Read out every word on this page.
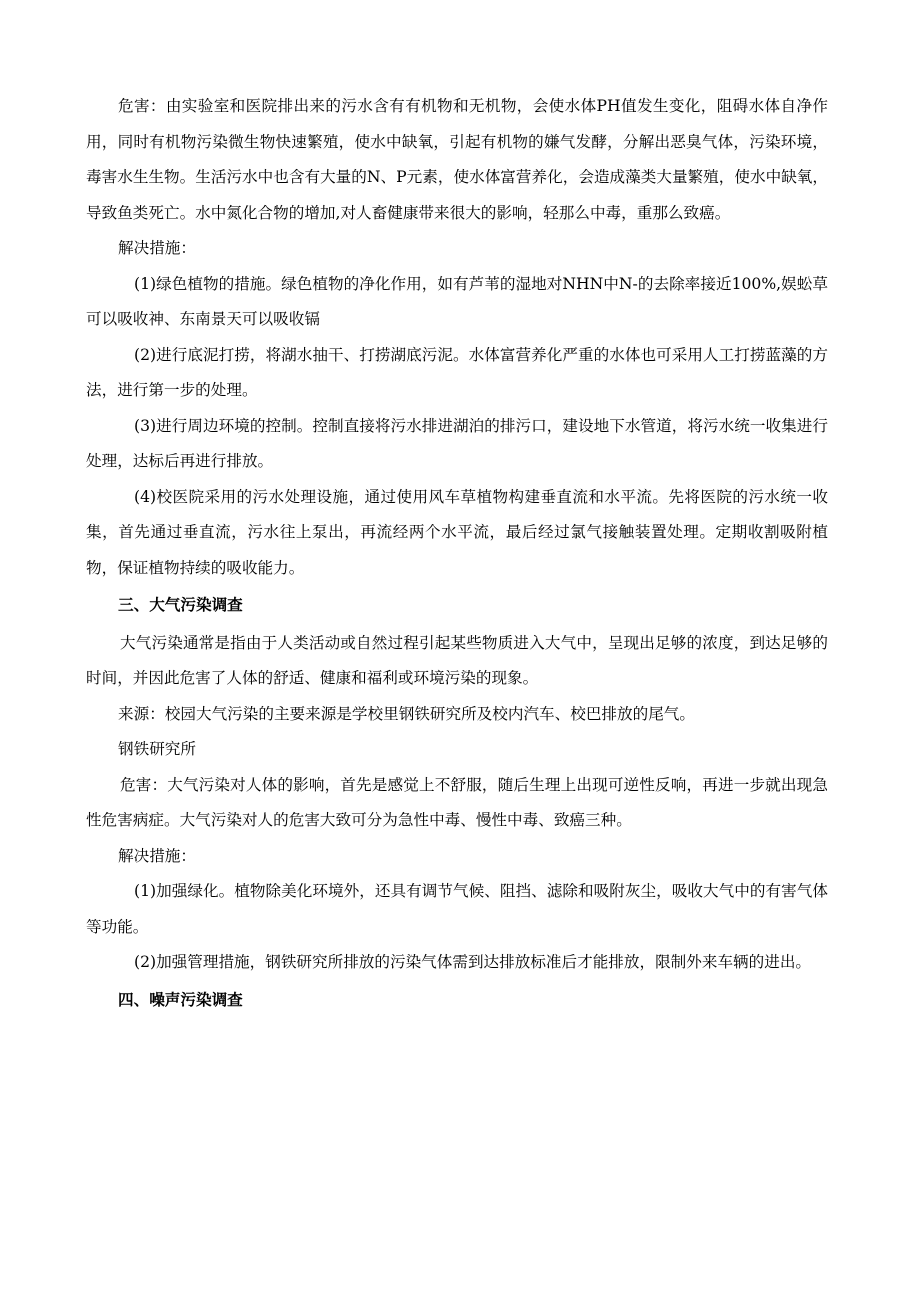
危害：由实验室和医院排出来的污水含有有机物和无机物，会使水体PH值发生变化，阻碍水体自净作用，同时有机物污染微生物快速繁殖，使水中缺氧，引起有机物的嫌气发酵，分解出恶臭气体，污染环境，毒害水生生物。生活污水中也含有大量的N、P元素，使水体富营养化，会造成藻类大量繁殖，使水中缺氧，导致鱼类死亡。水中氮化合物的增加,对人畜健康带来很大的影响，轻那么中毒，重那么致癌。

解决措施：

(1)绿色植物的措施。绿色植物的净化作用，如有芦苇的湿地对NHN中N-的去除率接近100%,娱蚣草可以吸收神、东南景天可以吸收镉

(2)进行底泥打捞，将湖水抽干、打捞湖底污泥。水体富营养化严重的水体也可采用人工打捞蓝藻的方法，进行第一步的处理。

(3)进行周边环境的控制。控制直接将污水排进湖泊的排污口，建设地下水管道，将污水统一收集进行处理，达标后再进行排放。

(4)校医院采用的污水处理设施，通过使用风车草植物构建垂直流和水平流。先将医院的污水统一收集，首先通过垂直流，污水往上泵出，再流经两个水平流，最后经过氯气接触装置处理。定期收割吸附植物，保证植物持续的吸收能力。

三、大气污染调查

大气污染通常是指由于人类活动或自然过程引起某些物质进入大气中，呈现出足够的浓度，到达足够的时间，并因此危害了人体的舒适、健康和福利或环境污染的现象。

来源：校园大气污染的主要来源是学校里钢铁研究所及校内汽车、校巴排放的尾气。

钢铁研究所

危害：大气污染对人体的影响，首先是感觉上不舒服，随后生理上出现可逆性反响，再进一步就出现急性危害病症。大气污染对人的危害大致可分为急性中毒、慢性中毒、致癌三种。

解决措施：

(1)加强绿化。植物除美化环境外，还具有调节气候、阻挡、滤除和吸附灰尘，吸收大气中的有害气体等功能。

(2)加强管理措施，钢铁研究所排放的污染气体需到达排放标准后才能排放，限制外来车辆的进出。

四、噪声污染调查
